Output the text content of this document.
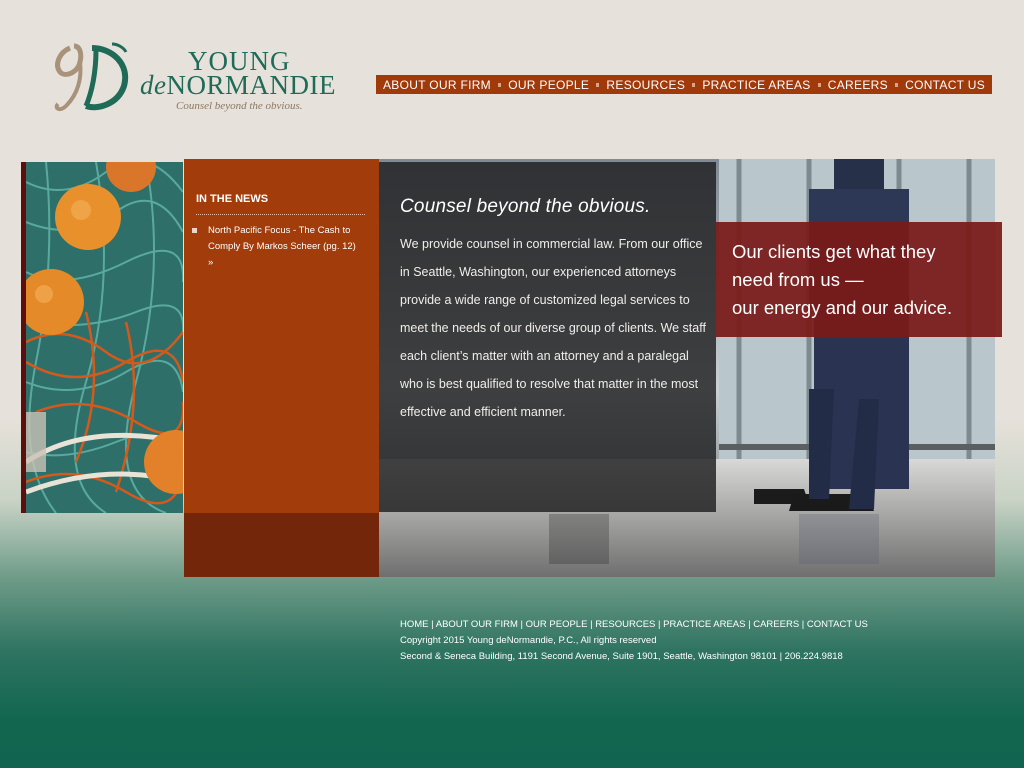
YOUNG
deNORMANDIE
Counsel beyond the obvious.
ABOUT OUR FIRM	OUR PEOPLE	RESOURCES	PRACTICE AREAS	CAREERS	CONTACT US
IN THE NEWS
North Pacific Focus - The Cash to Comply By Markos Scheer (pg. 12) »
Counsel beyond the obvious.
We provide counsel in commercial law. From our office in Seattle, Washington, our experienced attorneys provide a wide range of customized legal services to meet the needs of our diverse group of clients. We staff each client’s matter with an attorney and a paralegal who is best qualified to resolve that matter in the most effective and efficient manner.
Our clients get what they
need from us —
our energy and our advice.
HOME | ABOUT OUR FIRM | OUR PEOPLE | RESOURCES | PRACTICE AREAS | CAREERS | CONTACT US
Copyright 2015 Young deNormandie, P.C., All rights reserved
Second & Seneca Building, 1191 Second Avenue, Suite 1901, Seattle, Washington 98101 | 206.224.9818
